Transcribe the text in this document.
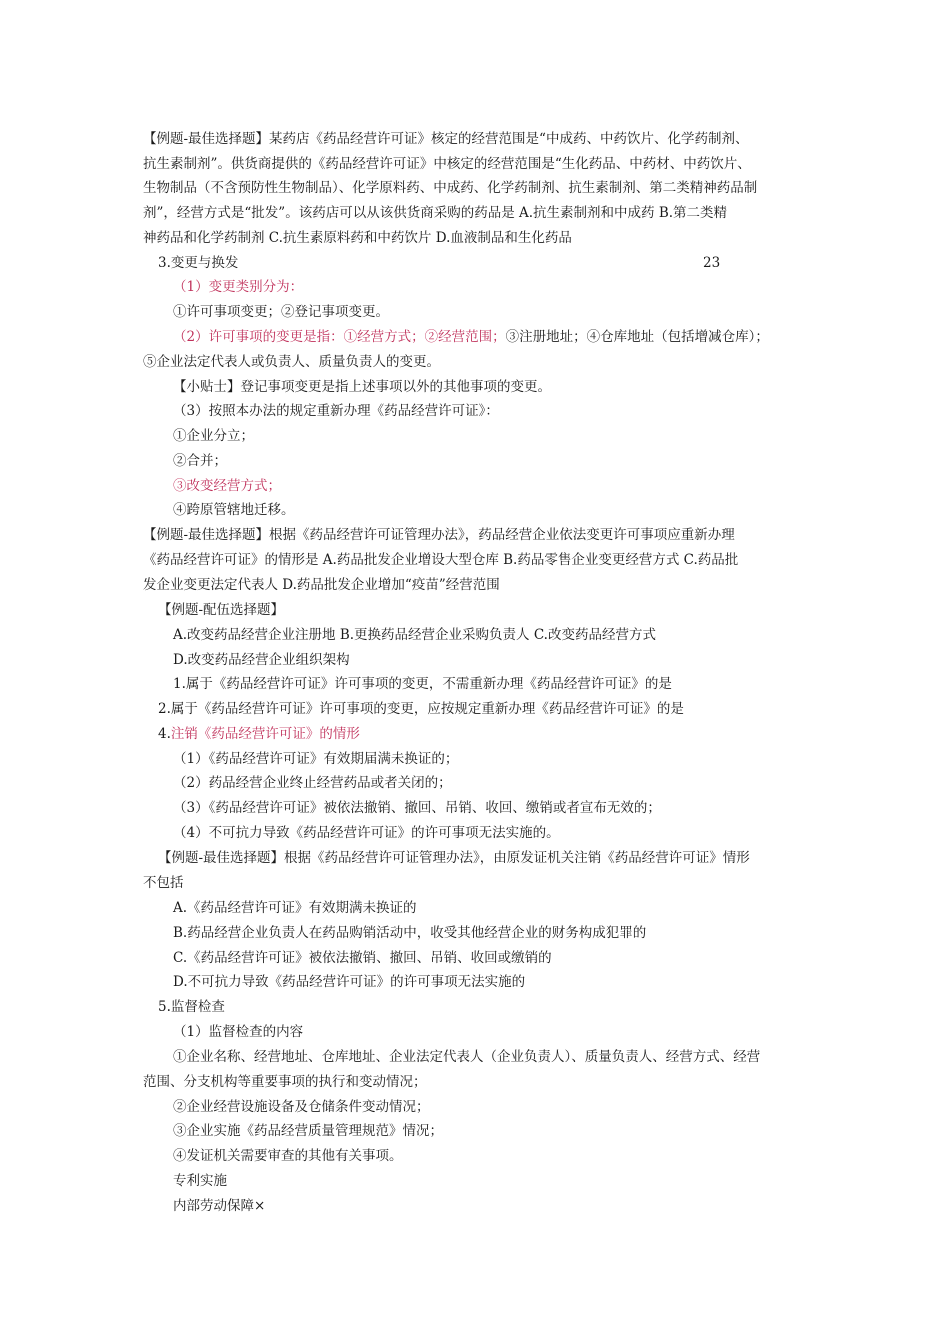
【例题-最佳选择题】某药店《药品经营许可证》核定的经营范围是“中成药、中药饮片、化学药制剂、
抗生素制剂”。供货商提供的《药品经营许可证》中核定的经营范围是“生化药品、中药材、中药饮片、
生物制品（不含预防性生物制品）、化学原料药、中成药、化学药制剂、抗生素制剂、第二类精神药品制
剂”，经营方式是“批发”。该药店可以从该供货商采购的药品是 A.抗生素制剂和中成药 B.第二类精
神药品和化学药制剂 C.抗生素原料药和中药饮片 D.血液制品和生化药品
3.变更与换发	23
（1）变更类别分为：
①许可事项变更；②登记事项变更。
（2）许可事项的变更是指：①经营方式；②经营范围；③注册地址；④仓库地址（包括增减仓库）；
⑤企业法定代表人或负责人、质量负责人的变更。
【小贴士】登记事项变更是指上述事项以外的其他事项的变更。
（3）按照本办法的规定重新办理《药品经营许可证》：
①企业分立；
②合并；
③改变经营方式；
④跨原管辖地迁移。
【例题-最佳选择题】根据《药品经营许可证管理办法》，药品经营企业依法变更许可事项应重新办理
《药品经营许可证》的情形是 A.药品批发企业增设大型仓库 B.药品零售企业变更经营方式 C.药品批
发企业变更法定代表人 D.药品批发企业增加“疫苗”经营范围
【例题-配伍选择题】
A.改变药品经营企业注册地 B.更换药品经营企业采购负责人 C.改变药品经营方式
D.改变药品经营企业组织架构
1.属于《药品经营许可证》许可事项的变更，不需重新办理《药品经营许可证》的是
2.属于《药品经营许可证》许可事项的变更，应按规定重新办理《药品经营许可证》的是
4.注销《药品经营许可证》的情形
（1）《药品经营许可证》有效期届满未换证的；
（2）药品经营企业终止经营药品或者关闭的；
（3）《药品经营许可证》被依法撤销、撤回、吊销、收回、缴销或者宣布无效的；
（4）不可抗力导致《药品经营许可证》的许可事项无法实施的。
【例题-最佳选择题】根据《药品经营许可证管理办法》，由原发证机关注销《药品经营许可证》情形
不包括
A.《药品经营许可证》有效期满未换证的
B.药品经营企业负责人在药品购销活动中，收受其他经营企业的财务构成犯罪的
C.《药品经营许可证》被依法撤销、撤回、吊销、收回或缴销的
D.不可抗力导致《药品经营许可证》的许可事项无法实施的
5.监督检查
（1）监督检查的内容
①企业名称、经营地址、仓库地址、企业法定代表人（企业负责人）、质量负责人、经营方式、经营
范围、分支机构等重要事项的执行和变动情况；
②企业经营设施设备及仓储条件变动情况；
③企业实施《药品经营质量管理规范》情况；
④发证机关需要审查的其他有关事项。
专利实施
内部劳动保障×
